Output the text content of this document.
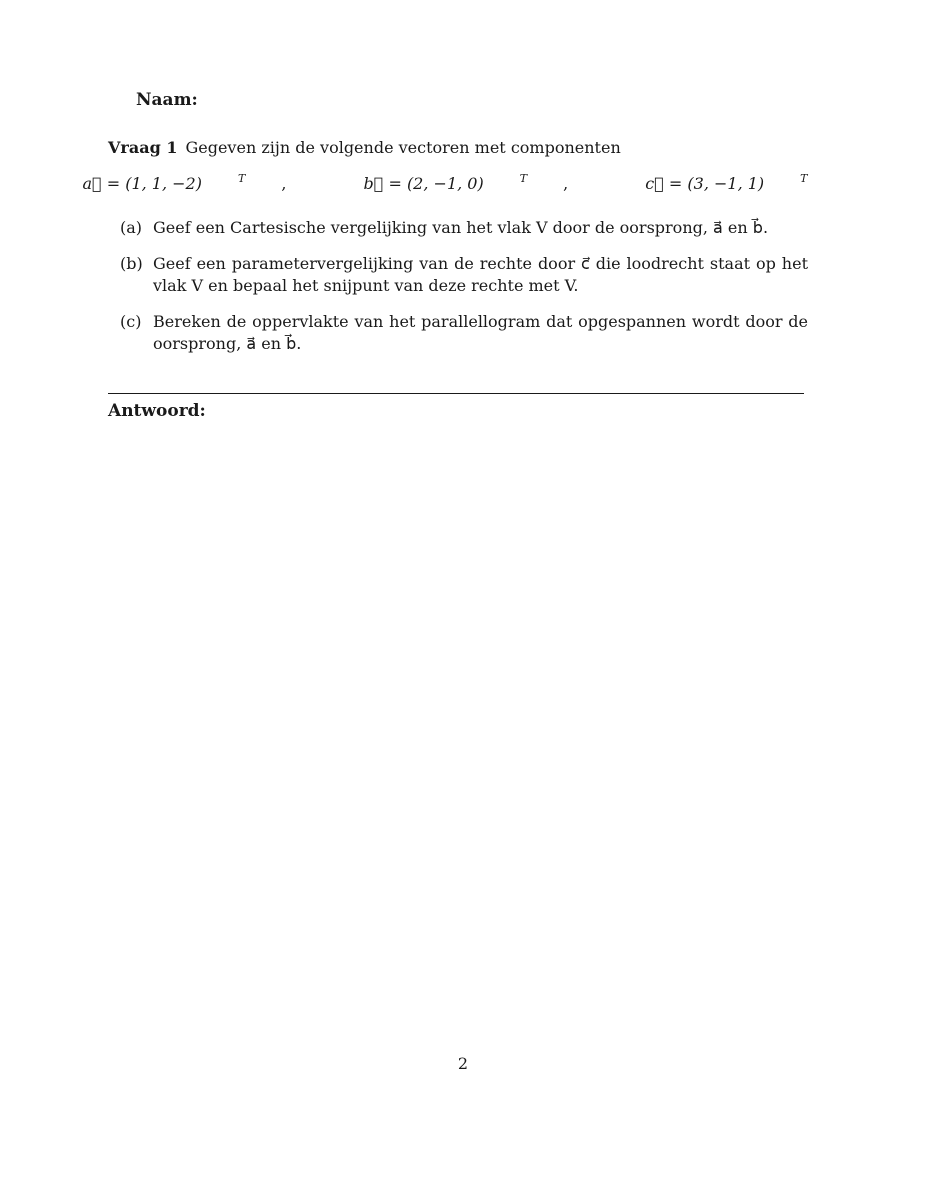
Naam:
Vraag 1 Gegeven zijn de volgende vectoren met componenten
a⃗ = (1, 1, −2)	T ,	b⃗ = (2, −1, 0)	T ,	c⃗ = (3, −1, 1)	T
(a) Geef een Cartesische vergelijking van het vlak V door de oorsprong, a⃗ en b⃗.
(b) Geef een parametervergelijking van de rechte door c⃗ die loodrecht staat op het vlak V en bepaal het snijpunt van deze rechte met V.
(c) Bereken de oppervlakte van het parallellogram dat opgespannen wordt door de oorsprong, a⃗ en b⃗.
Antwoord:
2
